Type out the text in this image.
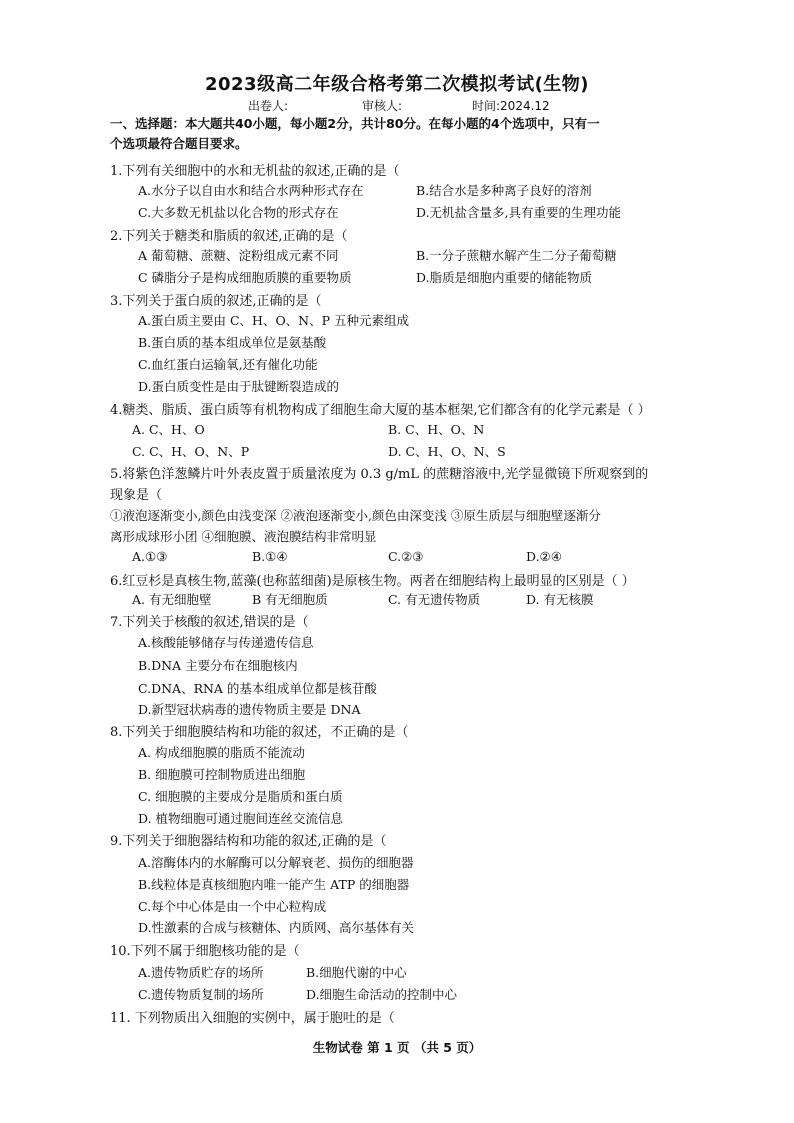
2023级高二年级合格考第二次模拟考试(生物)
出卷人:	审核人:	时间:2024.12
一、选择题：本大题共40小题，每小题2分，共计80分。在每小题的4个选项中，只有一
个选项最符合题目要求。
1.下列有关细胞中的水和无机盐的叙述,正确的是（
A.水分子以自由水和结合水两种形式存在	B.结合水是多种离子良好的溶剂
C.大多数无机盐以化合物的形式存在	D.无机盐含量多,具有重要的生理功能
2.下列关于糖类和脂质的叙述,正确的是（
A 葡萄糖、蔗糖、淀粉组成元素不同	B.一分子蔗糖水解产生二分子葡萄糖
C 磷脂分子是构成细胞质膜的重要物质	D.脂质是细胞内重要的储能物质
3.下列关于蛋白质的叙述,正确的是（
A.蛋白质主要由 C、H、O、N、P 五种元素组成
B.蛋白质的基本组成单位是氨基酸
C.血红蛋白运输氧,还有催化功能
D.蛋白质变性是由于肽键断裂造成的
4.糖类、脂质、蛋白质等有机物构成了细胞生命大厦的基本框架,它们都含有的化学元素是（ ）
A. C、H、O	B. C、H、O、N
C. C、H、O、N、P	D. C、H、O、N、S
5.将紫色洋葱鳞片叶外表皮置于质量浓度为 0.3 g/mL 的蔗糖溶液中,光学显微镜下所观察到的
现象是（
①液泡逐渐变小,颜色由浅变深 ②液泡逐渐变小,颜色由深变浅 ③原生质层与细胞壁逐渐分
离形成球形小团 ④细胞膜、液泡膜结构非常明显
A.①③	B.①④	C.②③	D.②④
6.红豆杉是真核生物,蓝藻(也称蓝细菌)是原核生物。两者在细胞结构上最明显的区别是（ ）
A. 有无细胞壁	B 有无细胞质	C. 有无遗传物质	D. 有无核膜
7.下列关于核酸的叙述,错误的是（
A.核酸能够储存与传递遗传信息
B.DNA 主要分布在细胞核内
C.DNA、RNA 的基本组成单位都是核苷酸
D.新型冠状病毒的遗传物质主要是 DNA
8.下列关于细胞膜结构和功能的叙述，不正确的是（
A. 构成细胞膜的脂质不能流动
B. 细胞膜可控制物质进出细胞
C. 细胞膜的主要成分是脂质和蛋白质
D. 植物细胞可通过胞间连丝交流信息
9.下列关于细胞器结构和功能的叙述,正确的是（
A.溶酶体内的水解酶可以分解衰老、损伤的细胞器
B.线粒体是真核细胞内唯一能产生 ATP 的细胞器
C.每个中心体是由一个中心粒构成
D.性激素的合成与核糖体、内质网、高尔基体有关
10.下列不属于细胞核功能的是（
A.遗传物质贮存的场所	B.细胞代谢的中心
C.遗传物质复制的场所	D.细胞生命活动的控制中心
11. 下列物质出入细胞的实例中，属于胞吐的是（
生物试卷 第 1 页 （共 5 页）
